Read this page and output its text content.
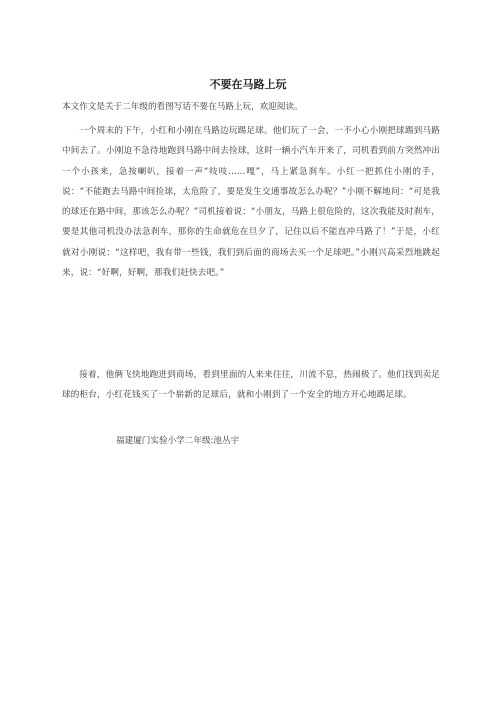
不要在马路上玩

本文作文是关于二年级的看图写话不要在马路上玩，欢迎阅读。

一个周末的下午，小红和小刚在马路边玩踢足球。他们玩了一会，一不小心小刚把球踢到马路中间去了。小刚迫不急待地跑到马路中间去捡球，这时一辆小汽车开来了，司机看到前方突然冲出一个小孩来，急按喇叭，接着一声“吱吱……嘎”，马上紧急刹车。小红一把抓住小刚的手，说：“不能跑去马路中间捡球，太危险了，要是发生交通事故怎么办呢？”小刚不解地问：“可是我的球还在路中间，那该怎么办呢？”司机接着说：“小朋友，马路上很危险的，这次我能及时刹车，要是其他司机没办法急刹车，那你的生命就危在旦夕了，记住以后不能直冲马路了！”于是，小红就对小刚说：“这样吧，我有带一些钱，我们到后面的商场去买一个足球吧。”小刚兴高采烈地跳起来，说：“好啊，好啊，那我们赶快去吧。”

接着，他俩飞快地跑进到商场，看到里面的人来来往往，川流不息，热闹极了。他们找到卖足球的柜台，小红花钱买了一个崭新的足球后，就和小刚到了一个安全的地方开心地踢足球。

福建厦门实验小学二年级:池丛宇
